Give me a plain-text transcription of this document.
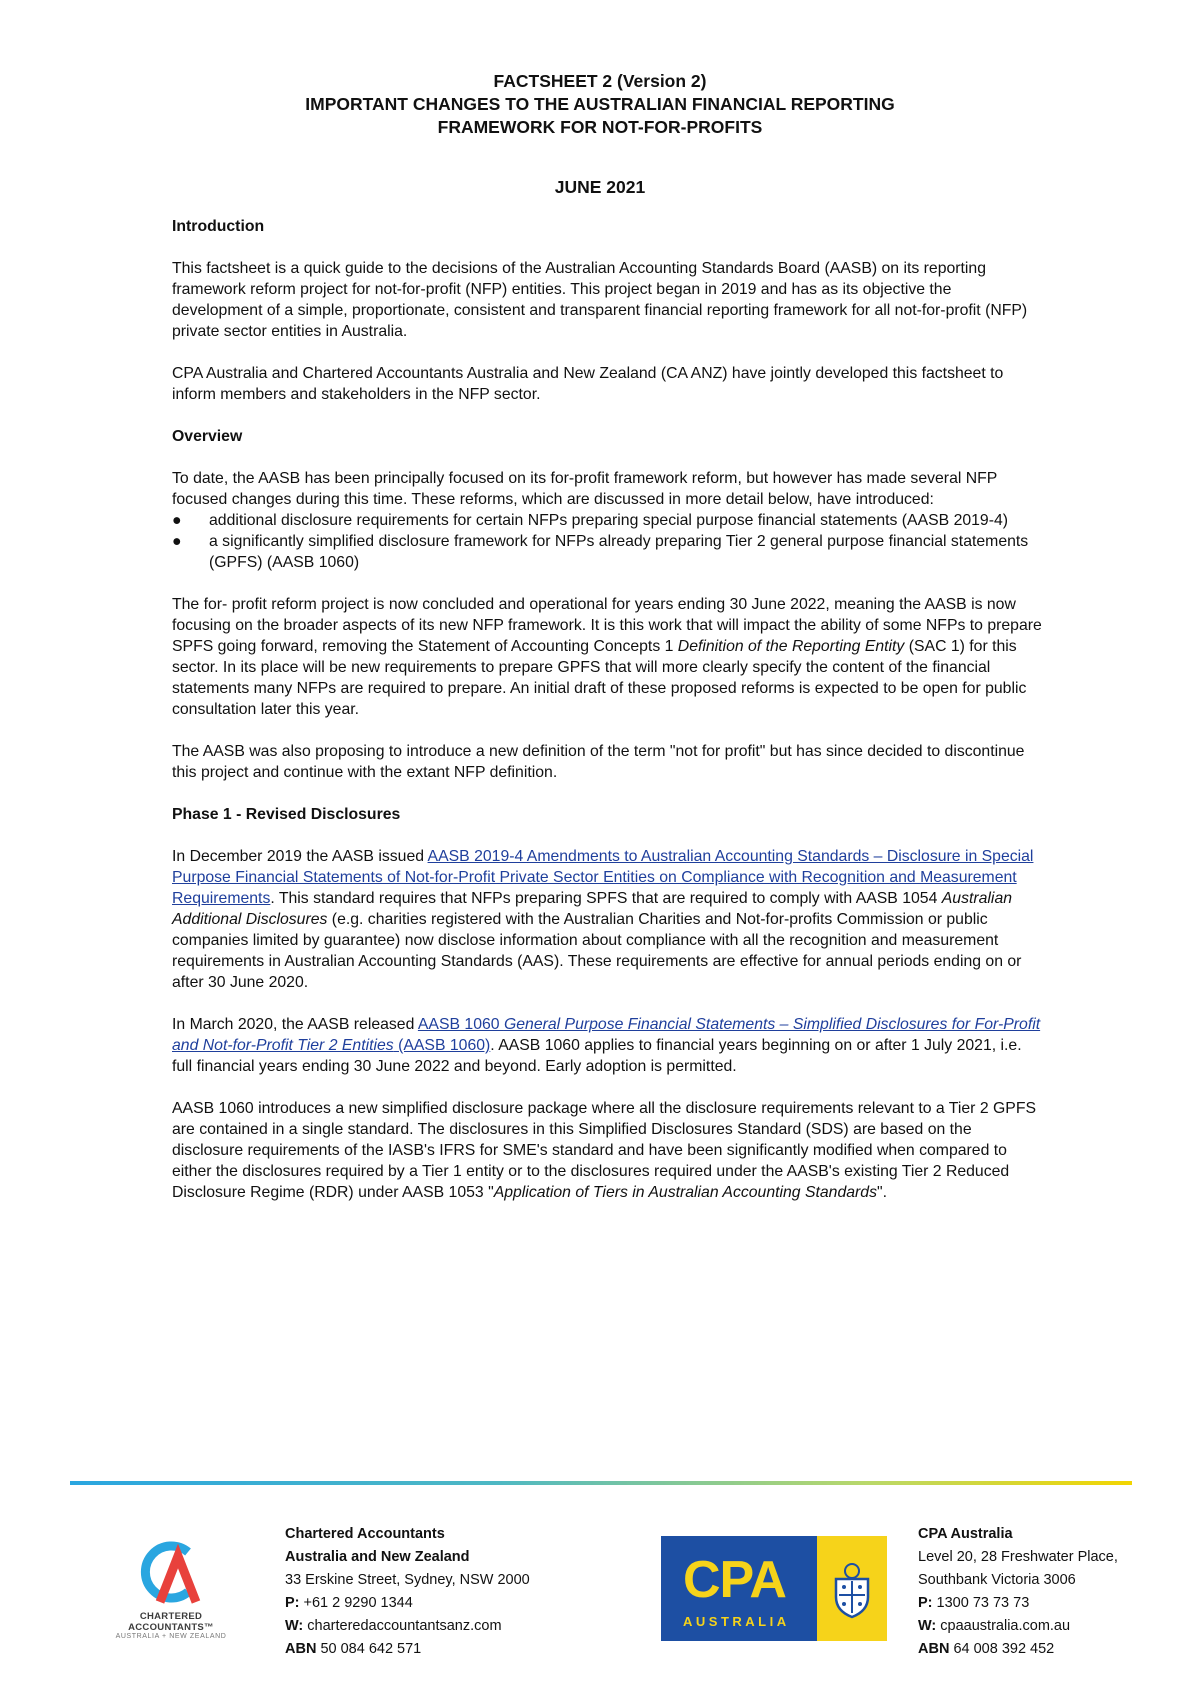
FACTSHEET 2 (Version 2)
IMPORTANT CHANGES TO THE AUSTRALIAN FINANCIAL REPORTING
FRAMEWORK FOR NOT-FOR-PROFITS
JUNE 2021
Introduction

This factsheet is a quick guide to the decisions of the Australian Accounting Standards Board (AASB) on its reporting framework reform project for not-for-profit (NFP) entities. This project began in 2019 and has as its objective the development of a simple, proportionate, consistent and transparent financial reporting framework for all not-for-profit (NFP) private sector entities in Australia.

CPA Australia and Chartered Accountants Australia and New Zealand (CA ANZ) have jointly developed this factsheet to inform members and stakeholders in the NFP sector.

Overview

To date, the AASB has been principally focused on its for-profit framework reform, but however has made several NFP focused changes during this time. These reforms, which are discussed in more detail below, have introduced:

● additional disclosure requirements for certain NFPs preparing special purpose financial statements (AASB 2019-4)
● a significantly simplified disclosure framework for NFPs already preparing Tier 2 general purpose financial statements (GPFS) (AASB 1060)

The for- profit reform project is now concluded and operational for years ending 30 June 2022, meaning the AASB is now focusing on the broader aspects of its new NFP framework. It is this work that will impact the ability of some NFPs to prepare SPFS going forward, removing the Statement of Accounting Concepts 1 Definition of the Reporting Entity (SAC 1) for this sector. In its place will be new requirements to prepare GPFS that will more clearly specify the content of the financial statements many NFPs are required to prepare. An initial draft of these proposed reforms is expected to be open for public consultation later this year.

The AASB was also proposing to introduce a new definition of the term "not for profit" but has since decided to discontinue this project and continue with the extant NFP definition.

Phase 1 - Revised Disclosures

In December 2019 the AASB issued AASB 2019-4 Amendments to Australian Accounting Standards – Disclosure in Special Purpose Financial Statements of Not-for-Profit Private Sector Entities on Compliance with Recognition and Measurement Requirements. This standard requires that NFPs preparing SPFS that are required to comply with AASB 1054 Australian Additional Disclosures (e.g. charities registered with the Australian Charities and Not-for-profits Commission or public companies limited by guarantee) now disclose information about compliance with all the recognition and measurement requirements in Australian Accounting Standards (AAS). These requirements are effective for annual periods ending on or after 30 June 2020.

In March 2020, the AASB released AASB 1060 General Purpose Financial Statements – Simplified Disclosures for For-Profit and Not-for-Profit Tier 2 Entities (AASB 1060). AASB 1060 applies to financial years beginning on or after 1 July 2021, i.e. full financial years ending 30 June 2022 and beyond. Early adoption is permitted.

AASB 1060 introduces a new simplified disclosure package where all the disclosure requirements relevant to a Tier 2 GPFS are contained in a single standard. The disclosures in this Simplified Disclosures Standard (SDS) are based on the disclosure requirements of the IASB's IFRS for SME's standard and have been significantly modified when compared to either the disclosures required by a Tier 1 entity or to the disclosures required under the AASB's existing Tier 2 Reduced Disclosure Regime (RDR) under AASB 1053 "Application of Tiers in Australian Accounting Standards".

CHARTERED ACCOUNTANTS™
AUSTRALIA + NEW ZEALAND
Chartered Accountants
Australia and New Zealand
33 Erskine Street, Sydney, NSW 2000
P: +61 2 9290 1344
W: charteredaccountantsanz.com
ABN 50 084 642 571
CPA
AUSTRALIA
CPA Australia
Level 20, 28 Freshwater Place,
Southbank Victoria 3006
P: 1300 73 73 73
W: cpaaustralia.com.au
ABN 64 008 392 452
